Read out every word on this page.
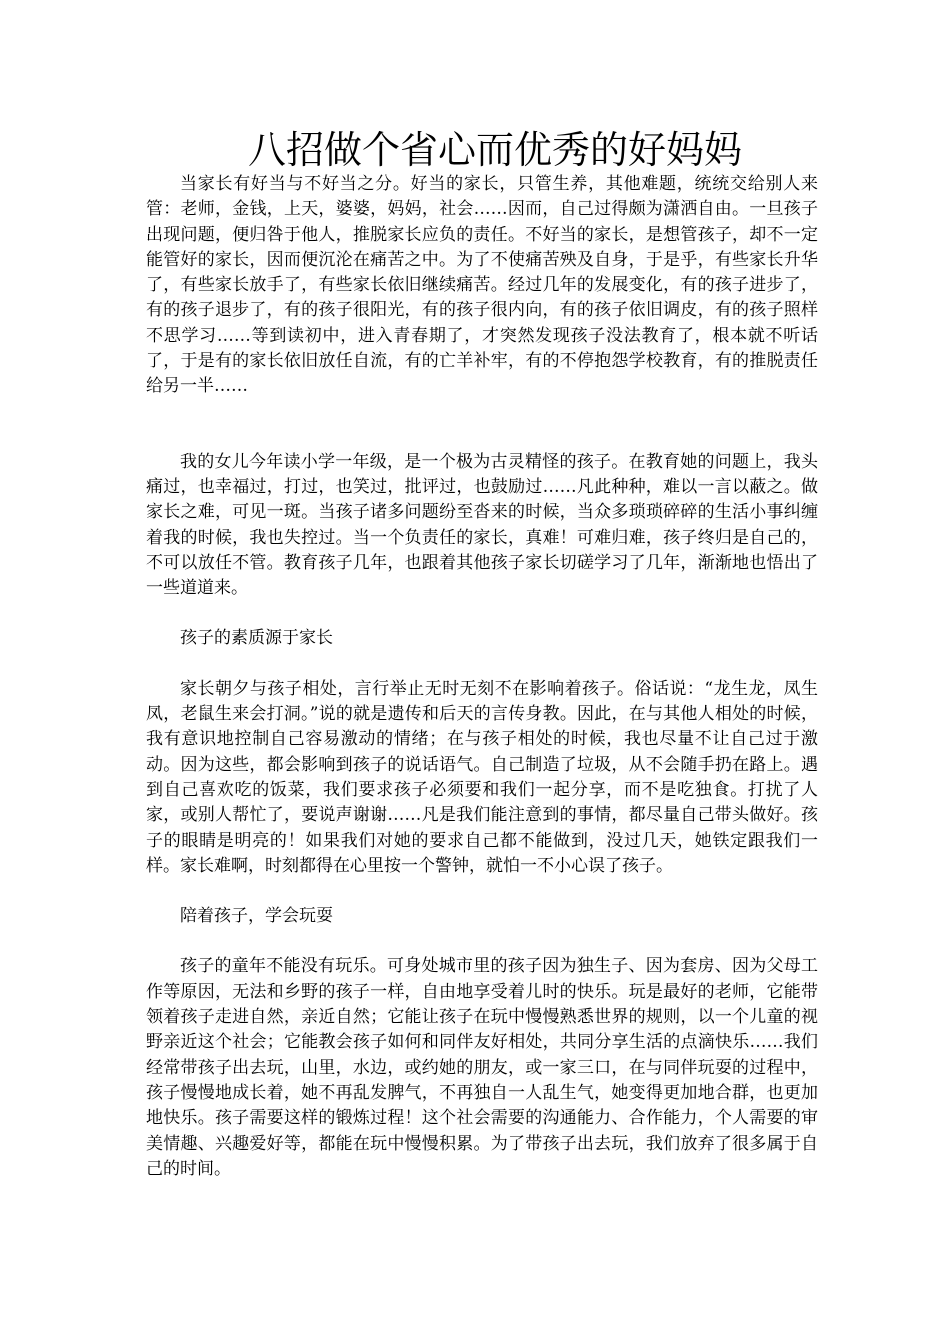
八招做个省心而优秀的好妈妈

当家长有好当与不好当之分。好当的家长，只管生养，其他难题，统统交给别人来管：老师，金钱，上天，婆婆，妈妈，社会……因而，自己过得颇为潇洒自由。一旦孩子出现问题，便归咎于他人，推脱家长应负的责任。不好当的家长，是想管孩子，却不一定能管好的家长，因而便沉沦在痛苦之中。为了不使痛苦殃及自身，于是乎，有些家长升华了，有些家长放手了，有些家长依旧继续痛苦。经过几年的发展变化，有的孩子进步了，有的孩子退步了，有的孩子很阳光，有的孩子很内向，有的孩子依旧调皮，有的孩子照样不思学习……等到读初中，进入青春期了，才突然发现孩子没法教育了，根本就不听话了，于是有的家长依旧放任自流，有的亡羊补牢，有的不停抱怨学校教育，有的推脱责任给另一半……

我的女儿今年读小学一年级，是一个极为古灵精怪的孩子。在教育她的问题上，我头痛过，也幸福过，打过，也笑过，批评过，也鼓励过……凡此种种，难以一言以蔽之。做家长之难，可见一斑。当孩子诸多问题纷至沓来的时候，当众多琐琐碎碎的生活小事纠缠着我的时候，我也失控过。当一个负责任的家长，真难！可难归难，孩子终归是自己的，不可以放任不管。教育孩子几年，也跟着其他孩子家长切磋学习了几年，渐渐地也悟出了一些道道来。

孩子的素质源于家长

家长朝夕与孩子相处，言行举止无时无刻不在影响着孩子。俗话说：“龙生龙，凤生凤，老鼠生来会打洞。”说的就是遗传和后天的言传身教。因此，在与其他人相处的时候，我有意识地控制自己容易激动的情绪；在与孩子相处的时候，我也尽量不让自己过于激动。因为这些，都会影响到孩子的说话语气。自己制造了垃圾，从不会随手扔在路上。遇到自己喜欢吃的饭菜，我们要求孩子必须要和我们一起分享，而不是吃独食。打扰了人家，或别人帮忙了，要说声谢谢……凡是我们能注意到的事情，都尽量自己带头做好。孩子的眼睛是明亮的！如果我们对她的要求自己都不能做到，没过几天，她铁定跟我们一样。家长难啊，时刻都得在心里按一个警钟，就怕一不小心误了孩子。

陪着孩子，学会玩耍

孩子的童年不能没有玩乐。可身处城市里的孩子因为独生子、因为套房、因为父母工作等原因，无法和乡野的孩子一样，自由地享受着儿时的快乐。玩是最好的老师，它能带领着孩子走进自然，亲近自然；它能让孩子在玩中慢慢熟悉世界的规则，以一个儿童的视野亲近这个社会；它能教会孩子如何和同伴友好相处，共同分享生活的点滴快乐……我们经常带孩子出去玩，山里，水边，或约她的朋友，或一家三口，在与同伴玩耍的过程中，孩子慢慢地成长着，她不再乱发脾气，不再独自一人乱生气，她变得更加地合群，也更加地快乐。孩子需要这样的锻炼过程！这个社会需要的沟通能力、合作能力，个人需要的审美情趣、兴趣爱好等，都能在玩中慢慢积累。为了带孩子出去玩，我们放弃了很多属于自己的时间。
